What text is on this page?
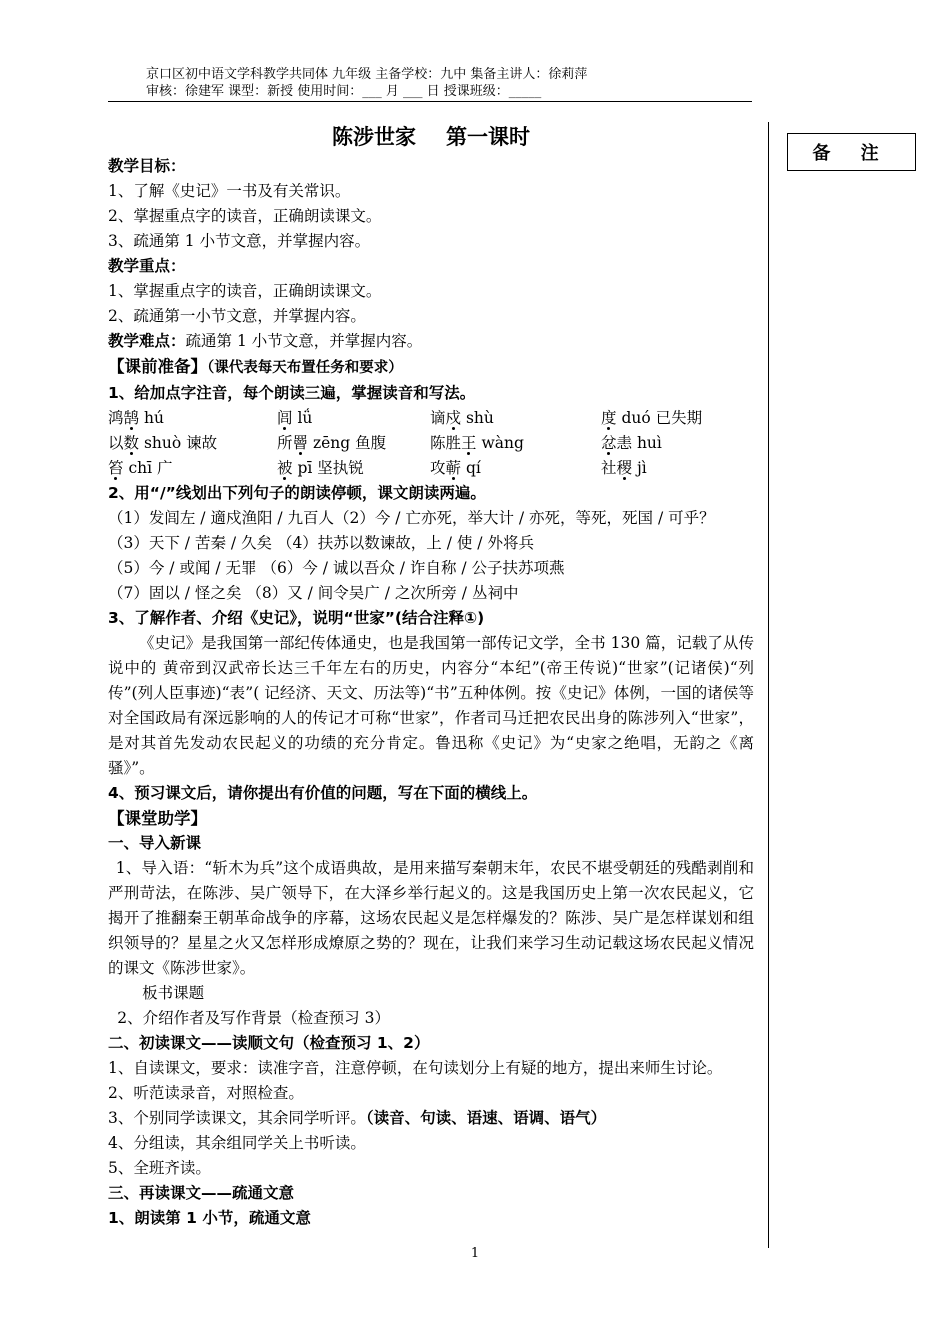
京口区初中语文学科教学共同体 九年级 主备学校：九中 集备主讲人：徐莉萍
审核：徐建军 课型：新授 使用时间：___ 月 ___ 日 授课班级：_____
备 注
陈涉世家 第一课时
教学目标：
1、了解《史记》一书及有关常识。
2、掌握重点字的读音，正确朗读课文。
3、疏通第 1 小节文意，并掌握内容。
教学重点：
1、掌握重点字的读音，正确朗读课文。
2、疏通第一小节文意，并掌握内容。
教学难点：疏通第 1 小节文意，并掌握内容。
【课前准备】（课代表每天布置任务和要求）
1、给加点字注音，每个朗读三遍，掌握读音和写法。
鸿鹄 hú	闾 lǘ	谪戍 shù	度 duó 已失期
以数 shuò 谏故	所罾 zēng 鱼腹	陈胜王 wàng	忿恚 huì
笞 chī 广	被 pī 坚执锐	攻蕲 qí	社稷 jì
2、用“/”线划出下列句子的朗读停顿，课文朗读两遍。
（1）发闾左 / 適戍渔阳 / 九百人（2）今 / 亡亦死，举大计 / 亦死，等死，死国 / 可乎？
（3）天下 / 苦秦 / 久矣 （4）扶苏以数谏故，上 / 使 / 外将兵
（5）今 / 或闻 / 无罪 （6）今 / 诚以吾众 / 诈自称 / 公子扶苏项燕
（7）固以 / 怪之矣 （8）又 / 间令吴广 / 之次所旁 / 丛祠中
3、了解作者、介绍《史记》，说明“世家”(结合注释①)
《史记》是我国第一部纪传体通史，也是我国第一部传记文学，全书 130 篇，记载了从传说中的 黄帝到汉武帝长达三千年左右的历史，内容分“本纪”(帝王传说)“世家”(记诸侯)“列传”(列人臣事迹)“表”( 记经济、天文、历法等)“书”五种体例。按《史记》体例，一国的诸侯等对全国政局有深远影响的人的传记才可称“世家”，作者司马迁把农民出身的陈涉列入“世家”，是对其首先发动农民起义的功绩的充分肯定。鲁迅称《史记》为“史家之绝唱，无韵之《离骚》”。
4、预习课文后，请你提出有价值的问题，写在下面的横线上。
【课堂助学】
一、导入新课
1、导入语：“斩木为兵”这个成语典故，是用来描写秦朝末年，农民不堪受朝廷的残酷剥削和严刑苛法，在陈涉、吴广领导下，在大泽乡举行起义的。这是我国历史上第一次农民起义，它揭开了推翻秦王朝革命战争的序幕，这场农民起义是怎样爆发的？陈涉、吴广是怎样谋划和组织领导的？星星之火又怎样形成燎原之势的？现在，让我们来学习生动记载这场农民起义情况的课文《陈涉世家》。
板书课题
2、介绍作者及写作背景（检查预习 3）
二、初读课文——读顺文句（检查预习 1、2）
1、自读课文，要求：读准字音，注意停顿，在句读划分上有疑的地方，提出来师生讨论。
2、听范读录音，对照检查。
3、个别同学读课文，其余同学听评。（读音、句读、语速、语调、语气）
4、分组读，其余组同学关上书听读。
5、全班齐读。
三、再读课文——疏通文意
1、朗读第 1 小节，疏通文意
1
